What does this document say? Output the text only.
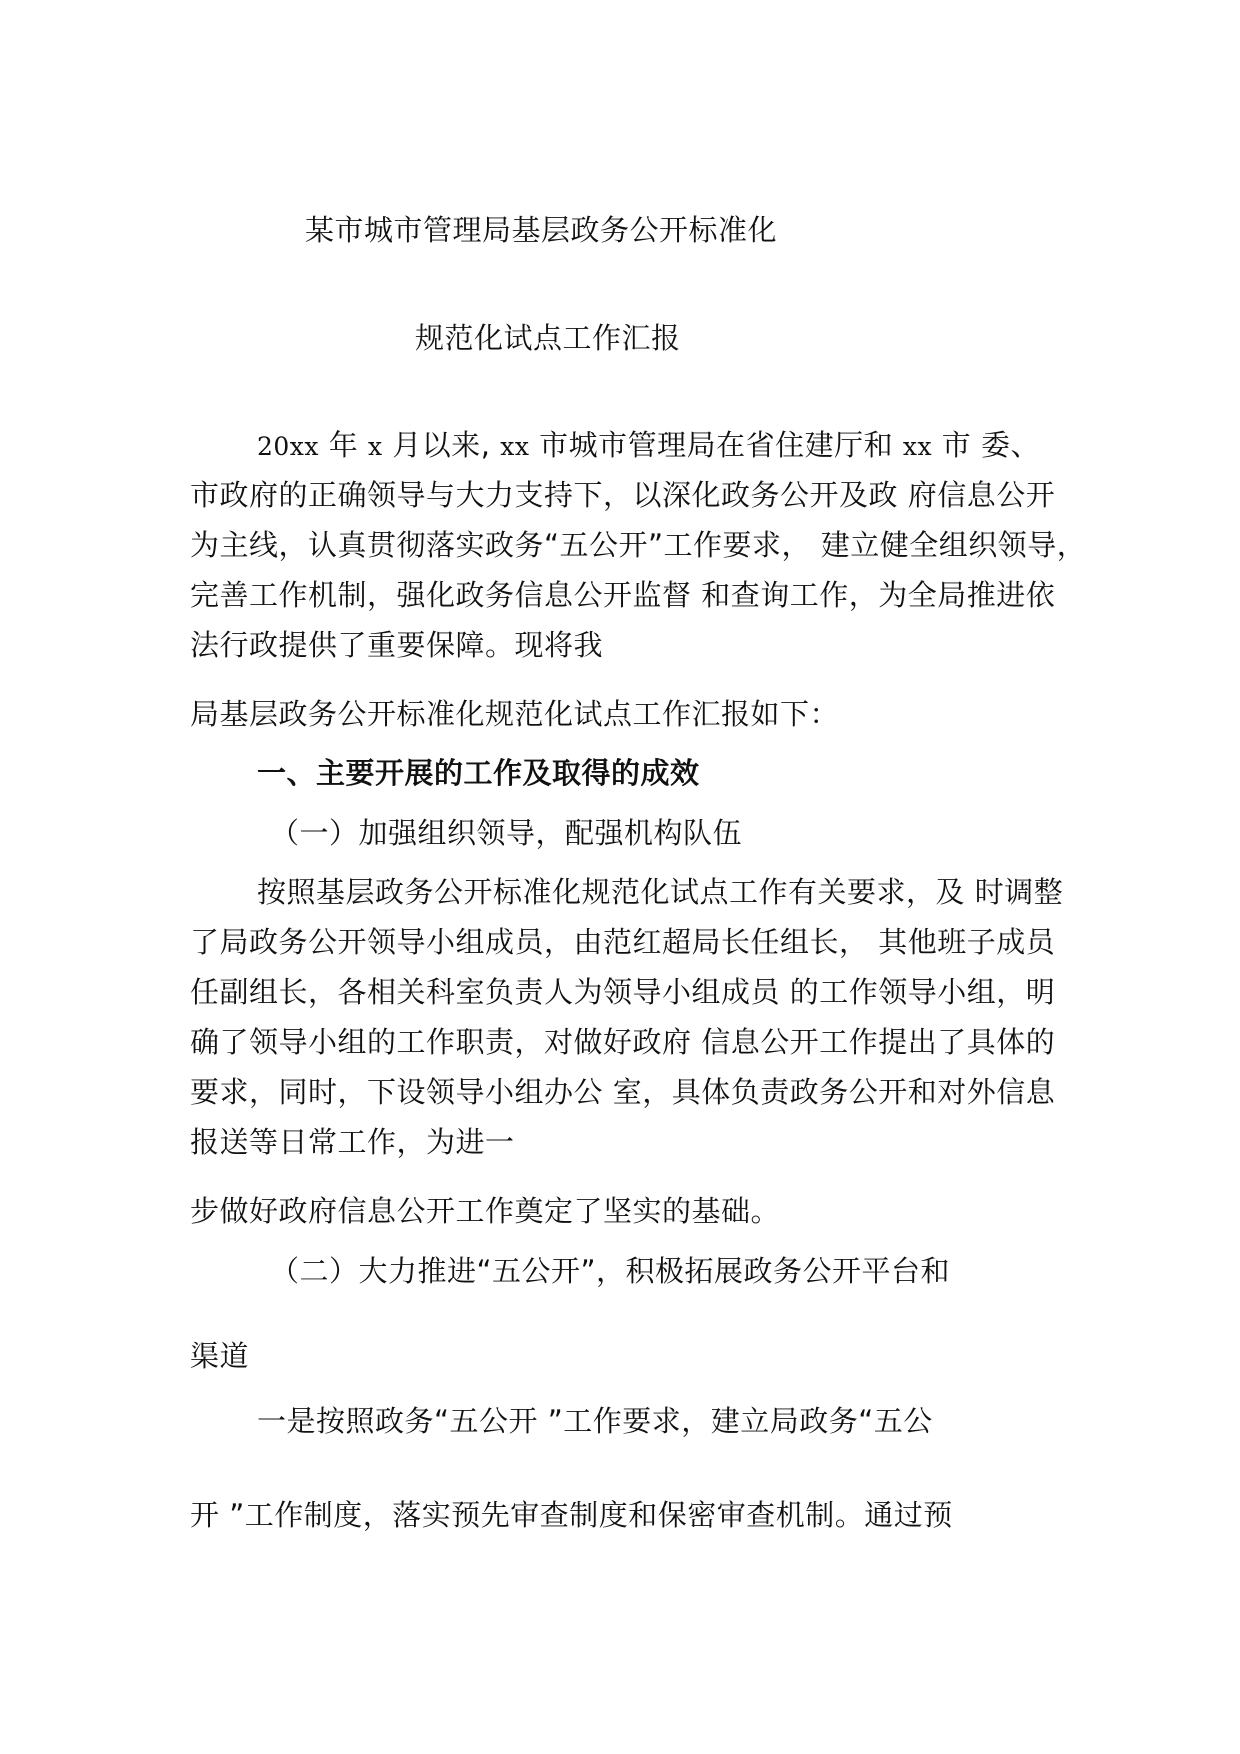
某市城市管理局基层政务公开标准化
规范化试点工作汇报
20xx 年 x 月以来, xx 市城市管理局在省住建厅和 xx 市 委、
市政府的正确领导与大力支持下，以深化政务公开及政 府信息公开
为主线，认真贯彻落实政务“五公开”工作要求， 建立健全组织领导，
完善工作机制，强化政务信息公开监督 和查询工作，为全局推进依
法行政提供了重要保障。现将我
局基层政务公开标准化规范化试点工作汇报如下：
一、主要开展的工作及取得的成效
（一）加强组织领导，配强机构队伍
按照基层政务公开标准化规范化试点工作有关要求，及 时调整
了局政务公开领导小组成员，由范红超局长任组长， 其他班子成员
任副组长，各相关科室负责人为领导小组成员 的工作领导小组，明
确了领导小组的工作职责，对做好政府 信息公开工作提出了具体的
要求，同时，下设领导小组办公 室，具体负责政务公开和对外信息
报送等日常工作，为进一
步做好政府信息公开工作奠定了坚实的基础。
（二）大力推进“五公开”，积极拓展政务公开平台和
渠道
一是按照政务“五公开 ”工作要求，建立局政务“五公
开 ”工作制度，落实预先审查制度和保密审查机制。通过预
